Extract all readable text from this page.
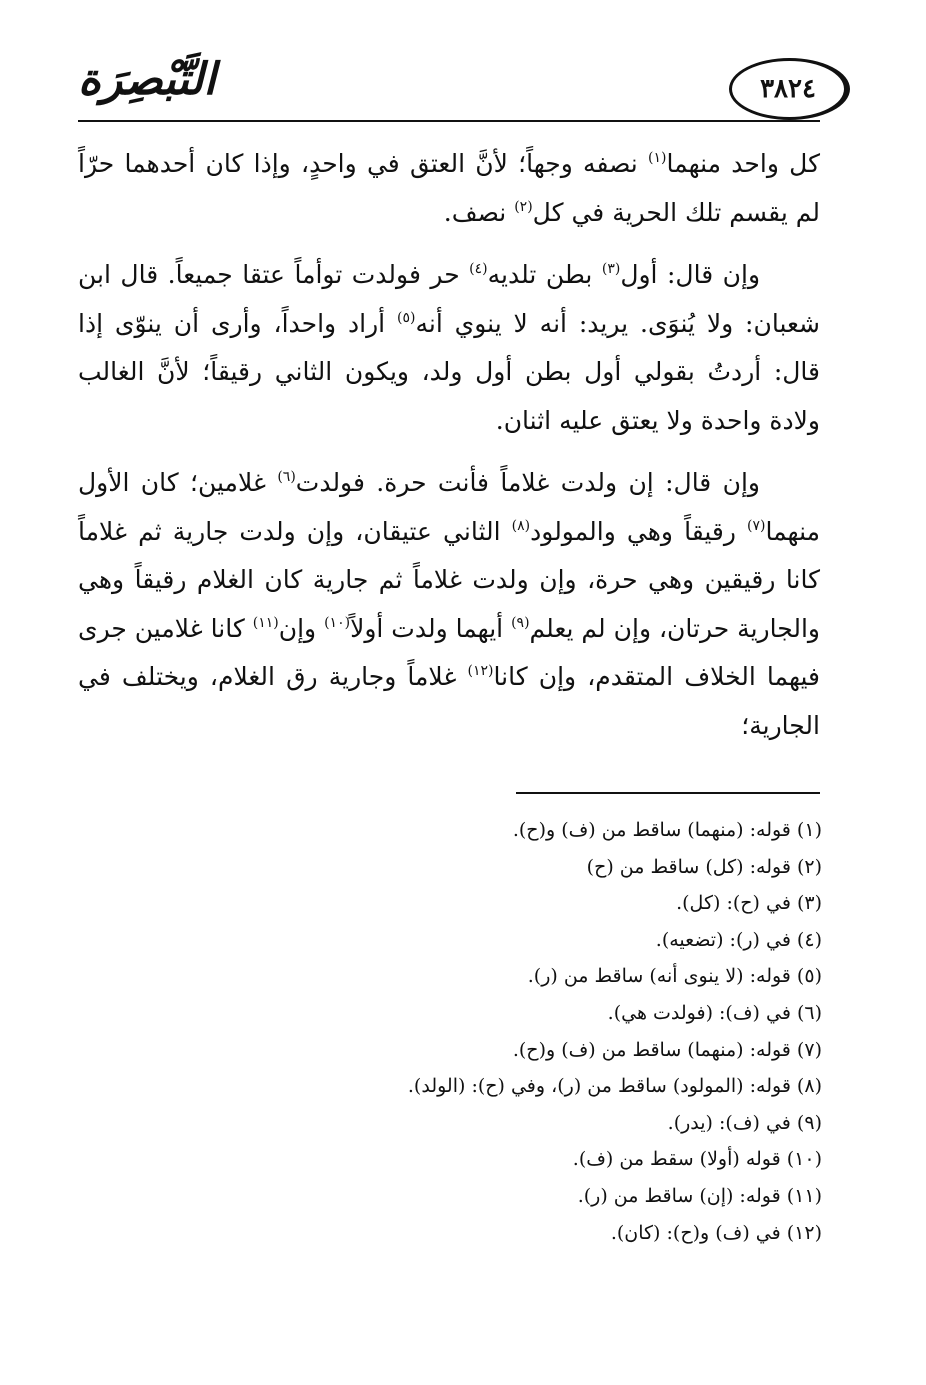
التَّبْصِرَة	٣٨٢٤

كل واحد منهما$^{(١)}$ نصفه وجهاً؛ لأنَّ العتق في واحدٍ، وإذا كان أحدهما حرّاً لم يقسم تلك الحرية في كل$^{(٢)}$ نصف.

وإن قال: أول$^{(٣)}$ بطن تلديه$^{(٤)}$ حر فولدت توأماً عتقا جميعاً. قال ابن شعبان: ولا يُنوَى. يريد: أنه لا ينوي أنه$^{(٥)}$ أراد واحداً، وأرى أن ينوّى إذا قال: أردتُ بقولي أول بطن أول ولد، ويكون الثاني رقيقاً؛ لأنَّ الغالب ولادة واحدة ولا يعتق عليه اثنان.

وإن قال: إن ولدت غلاماً فأنت حرة. فولدت$^{(٦)}$ غلامين؛ كان الأول منهما$^{(٧)}$ رقيقاً وهي والمولود$^{(٨)}$ الثاني عتيقان، وإن ولدت جارية ثم غلاماً كانا رقيقين وهي حرة، وإن ولدت غلاماً ثم جارية كان الغلام رقيقاً وهي والجارية حرتان، وإن لم يعلم$^{(٩)}$ أيهما ولدت أولاً$^{(١٠)}$ وإن$^{(١١)}$ كانا غلامين جرى فيهما الخلاف المتقدم، وإن كانا$^{(١٢)}$ غلاماً وجارية رق الغلام، ويختلف في الجارية؛

(١) قوله: (منهما) ساقط من (ف) و(ح).
(٢) قوله: (كل) ساقط من (ح)
(٣) في (ح): (كل).
(٤) في (ر): (تضعيه).
(٥) قوله: (لا ينوى أنه) ساقط من (ر).
(٦) في (ف): (فولدت هي).
(٧) قوله: (منهما) ساقط من (ف) و(ح).
(٨) قوله: (المولود) ساقط من (ر)، وفي (ح): (الولد).
(٩) في (ف): (يدر).
(١٠) قوله (أولا) سقط من (ف).
(١١) قوله: (إن) ساقط من (ر).
(١٢) في (ف) و(ح): (كان).
